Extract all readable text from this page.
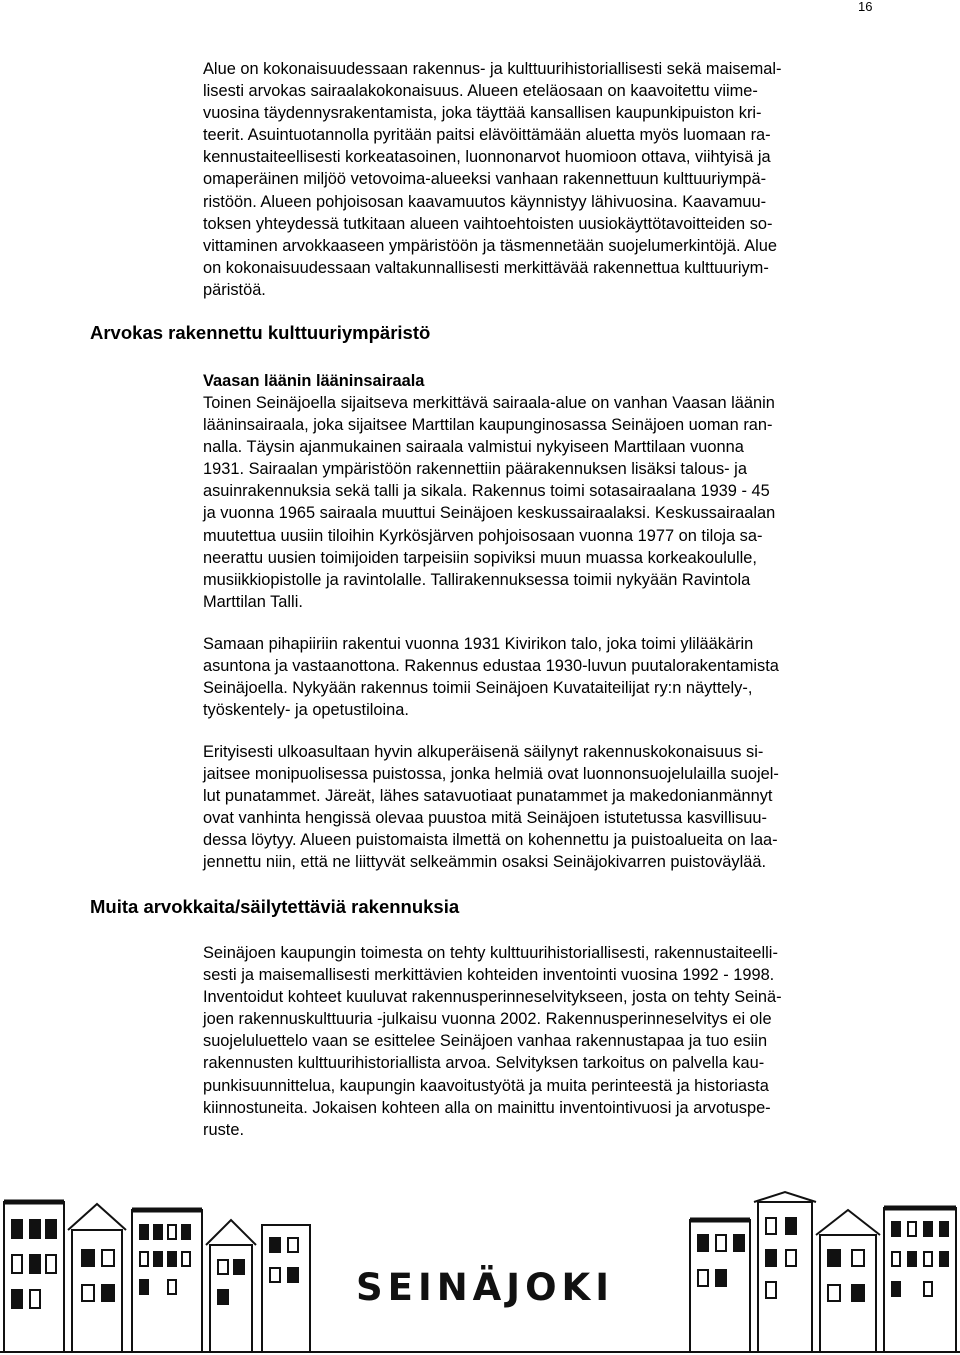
16
Alue on kokonaisuudessaan rakennus- ja kulttuurihistoriallisesti sekä maisemal-
lisesti arvokas sairaalakokonaisuus. Alueen eteläosaan on kaavoitettu viime-
vuosina täydennysrakentamista, joka täyttää kansallisen kaupunkipuiston kri-
teerit. Asuintuotannolla pyritään paitsi elävöittämään aluetta myös luomaan ra-
kennustaiteellisesti korkeatasoinen, luonnonarvot huomioon ottava, viihtyisä ja
omaperäinen miljöö vetovoima-alueeksi vanhaan rakennettuun kulttuuriympä-
ristöön. Alueen pohjoisosan kaavamuutos käynnistyy lähivuosina. Kaavamuu-
toksen yhteydessä tutkitaan alueen vaihtoehtoisten uusiokäyttötavoitteiden so-
vittaminen arvokkaaseen ympäristöön ja täsmennetään suojelumerkintöjä. Alue
on kokonaisuudessaan valtakunnallisesti merkittävää rakennettua kulttuuriym-
päristöä.
Arvokas rakennettu kulttuuriympäristö
Vaasan läänin lääninsairaala
Toinen Seinäjoella sijaitseva merkittävä sairaala-alue on vanhan Vaasan läänin
lääninsairaala, joka sijaitsee Marttilan kaupunginosassa Seinäjoen uoman ran-
nalla. Täysin ajanmukainen sairaala valmistui nykyiseen Marttilaan vuonna
1931. Sairaalan ympäristöön rakennettiin päärakennuksen lisäksi talous- ja
asuinrakennuksia sekä talli ja sikala. Rakennus toimi sotasairaalana 1939 - 45
ja vuonna 1965 sairaala muuttui Seinäjoen keskussairaalaksi. Keskussairaalan
muutettua uusiin tiloihin Kyrkösjärven pohjoisosaan vuonna 1977 on tiloja sa-
neerattu uusien toimijoiden tarpeisiin sopiviksi muun muassa korkeakoululle,
musiikkiopistolle ja ravintolalle. Tallirakennuksessa toimii nykyään Ravintola
Marttilan Talli.
Samaan pihapiiriin rakentui vuonna 1931 Kivirikon talo, joka toimi ylilääkärin
asuntona ja vastaanottona. Rakennus edustaa 1930-luvun puutalorakentamista
Seinäjoella. Nykyään rakennus toimii Seinäjoen Kuvataiteilijat ry:n näyttely-,
työskentely- ja opetustiloina.
Erityisesti ulkoasultaan hyvin alkuperäisenä säilynyt rakennuskokonaisuus si-
jaitsee monipuolisessa puistossa, jonka helmiä ovat luonnonsuojelulailla suojel-
lut punatammet. Järeät, lähes satavuotiaat punatammet ja makedonianmännyt
ovat vanhinta hengissä olevaa puustoa mitä Seinäjoen istutetussa kasvillisuu-
dessa löytyy. Alueen puistomaista ilmettä on kohennettu ja puistoalueita on laa-
jennettu niin, että ne liittyvät selkeämmin osaksi Seinäjokivarren puistoväylää.
Muita arvokkaita/säilytettäviä rakennuksia
Seinäjoen kaupungin toimesta on tehty kulttuurihistoriallisesti, rakennustaiteelli-
sesti ja maisemallisesti merkittävien kohteiden inventointi vuosina 1992 - 1998.
Inventoidut kohteet kuuluvat rakennusperinneselvitykseen, josta on tehty Seinä-
joen rakennuskulttuuria -julkaisu vuonna 2002. Rakennusperinneselvitys ei ole
suojeluluettelo vaan se esittelee Seinäjoen vanhaa rakennustapaa ja tuo esiin
rakennusten kulttuurihistoriallista arvoa. Selvityksen tarkoitus on palvella kau-
punkisuunnittelua, kaupungin kaavoitustyötä ja muita perinteestä ja historiasta
kiinnostuneita. Jokaisen kohteen alla on mainittu inventointivuosi ja arvotuspe-
ruste.
SEINÄJOKI
